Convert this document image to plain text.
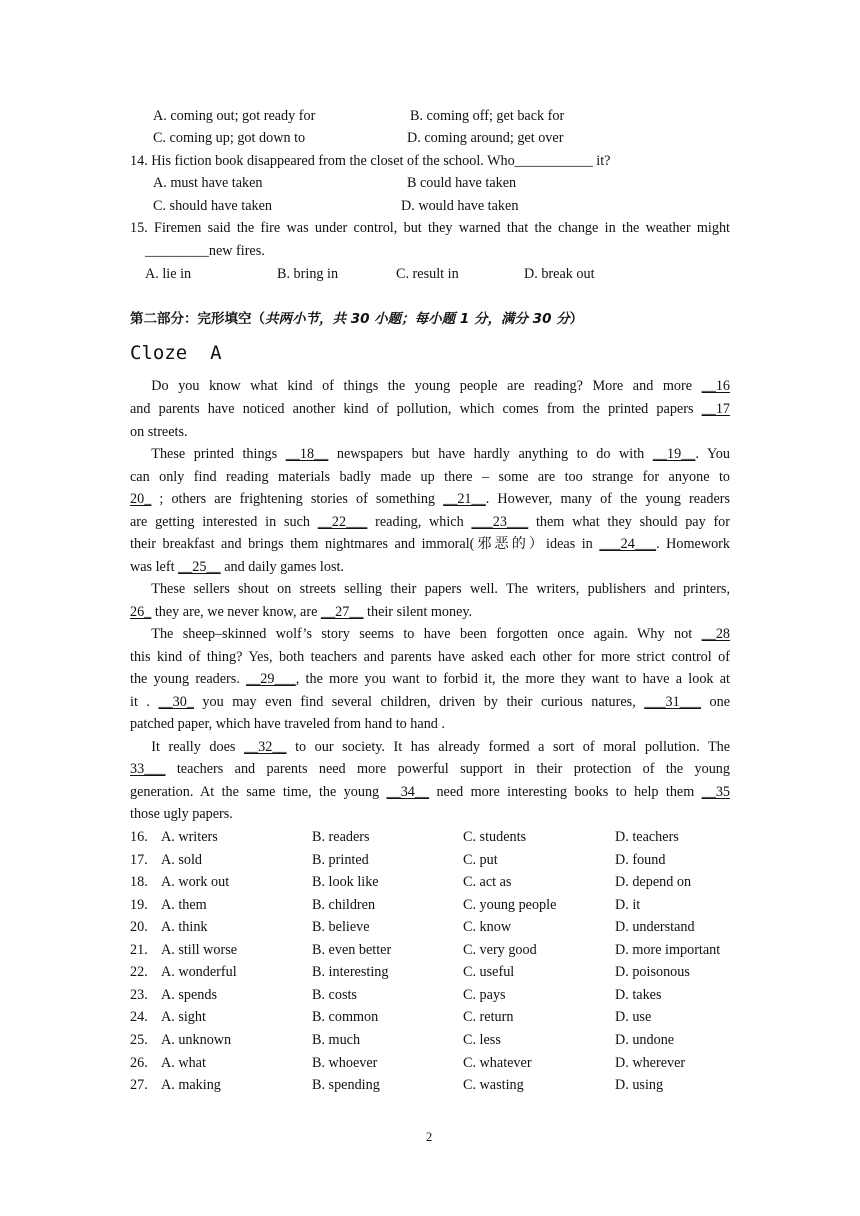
A. coming out; got ready for	B. coming off; get back for
C. coming up; got down to	D. coming around; get over
14. His fiction book disappeared from the closet of the school. Who___________ it?
A. must have taken	B could have taken
C. should have taken	D. would have taken
15. Firemen said the fire was under control, but they warned that the change in the weather might
_________new fires.
A. lie in	B. bring in	C. result in	D. break out
第二部分：完形填空（共两小节，共 30 小题；每小题 1 分，满分 30 分）
Cloze  A
  Do you know what kind of things the young people are reading? More and more __16
and parents have noticed another kind of pollution, which comes from the printed papers __17
on streets.
  These printed things __18__ newspapers but have hardly anything to do with __19__. You
can only find reading materials badly made up there – some are too strange for anyone to
20_ ; others are frightening stories of something __21__. However, many of the young readers
are getting interested in such __22___ reading, which ___23___ them what they should pay for
their breakfast and brings them nightmares and immoral(邪恶的）ideas in ___24___. Homework
was left __25__ and daily games lost.
  These sellers shout on streets selling their papers well. The writers, publishers and printers,
26_ they are, we never know, are __27__ their silent money.
  The sheep–skinned wolf’s story seems to have been forgotten once again. Why not __28
this kind of thing? Yes, both teachers and parents have asked each other for more strict control of
the young readers. __29___, the more you want to forbid it, the more they want to have a look at
it . __30_ you may even find several children, driven by their curious natures, ___31___ one
patched paper, which have traveled from hand to hand .
  It really does __32__ to our society. It has already formed a sort of moral pollution. The
33___ teachers and parents need more powerful support in their protection of the young
generation. At the same time, the young __34__ need more interesting books to help them __35
those ugly papers.
16. A. writers	B. readers	C. students	D. teachers
17. A. sold	B. printed	C. put	D. found
18. A. work out	B. look like	C. act as	D. depend on
19. A. them	B. children	C. young people	D. it
20. A. think	B. believe	C. know	D. understand
21. A. still worse	B. even better	C. very good	D. more important
22. A. wonderful	B. interesting	C. useful	D. poisonous
23. A. spends	B. costs	C. pays	D. takes
24. A. sight	B. common	C. return	D. use
25. A. unknown	B. much	C. less	D. undone
26. A. what	B. whoever	C. whatever	D. wherever
27. A. making	B. spending	C. wasting	D. using
2
